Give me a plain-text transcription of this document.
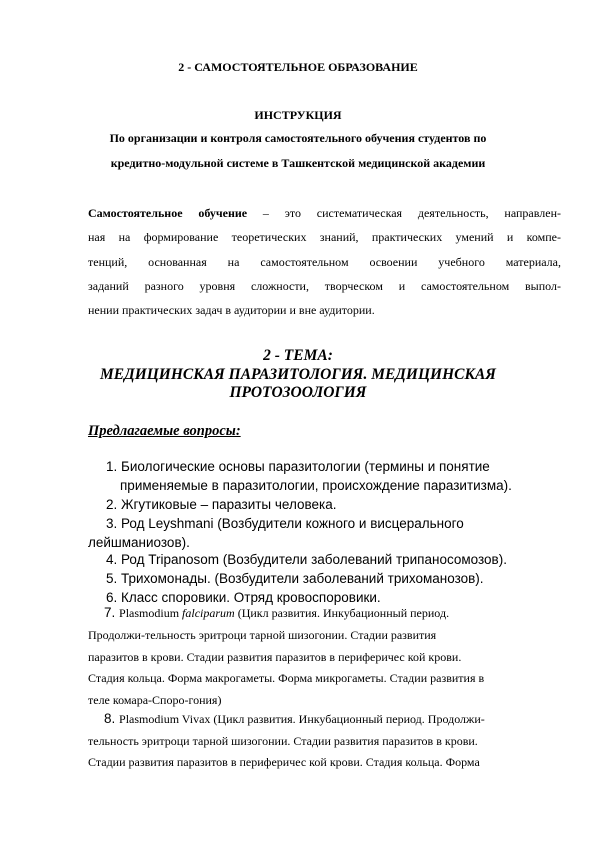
2 - САМОСТОЯТЕЛЬНОЕ ОБРАЗОВАНИЕ
ИНСТРУКЦИЯ
По организации и контроля самостоятельного обучения студентов по
кредитно-модульной системе в Ташкентской медицинской академии
Самостоятельное обучение – это систематическая деятельность, направлен-
ная на формирование теоретических знаний, практических умений и компе-
тенций, основанная на самостоятельном освоении учебного материала,
заданий разного уровня сложности, творческом и самостоятельном выпол-
нении практических задач в аудитории и вне аудитории.
2 - ТЕМА:
МЕДИЦИНСКАЯ ПАРАЗИТОЛОГИЯ. МЕДИЦИНСКАЯ
ПРОТОЗООЛОГИЯ
Предлагаемые вопросы:
1. Биологические основы паразитологии (термины и понятие
применяемые в паразитологии, происхождение паразитизма).
2. Жгутиковые – паразиты человека.
3. Род Leyshmani (Возбудители кожного и висцерального
лейшманиозов).
4. Род Tripanosom (Возбудители заболеваний трипаносомозов).
5. Трихомонады. (Возбудители заболеваний трихоманозов).
6. Класс споровики. Отряд кровоспоровики.
7. Plasmodium falciparum (Цикл развития. Инкубационный период.
Продолжи-тельность эритроци тарной шизогонии. Стадии развития
паразитов в крови. Стадии развития паразитов в периферичес кой крови.
Стадия кольца. Форма макрогаметы. Форма микрогаметы. Стадии развития в
теле комара-Споро-гония)
8. Plasmodium Vivax (Цикл развития. Инкубационный период. Продолжи-
тельность эритроци тарной шизогонии. Стадии развития паразитов в крови.
Стадии развития паразитов в периферичес кой крови. Стадия кольца. Форма
